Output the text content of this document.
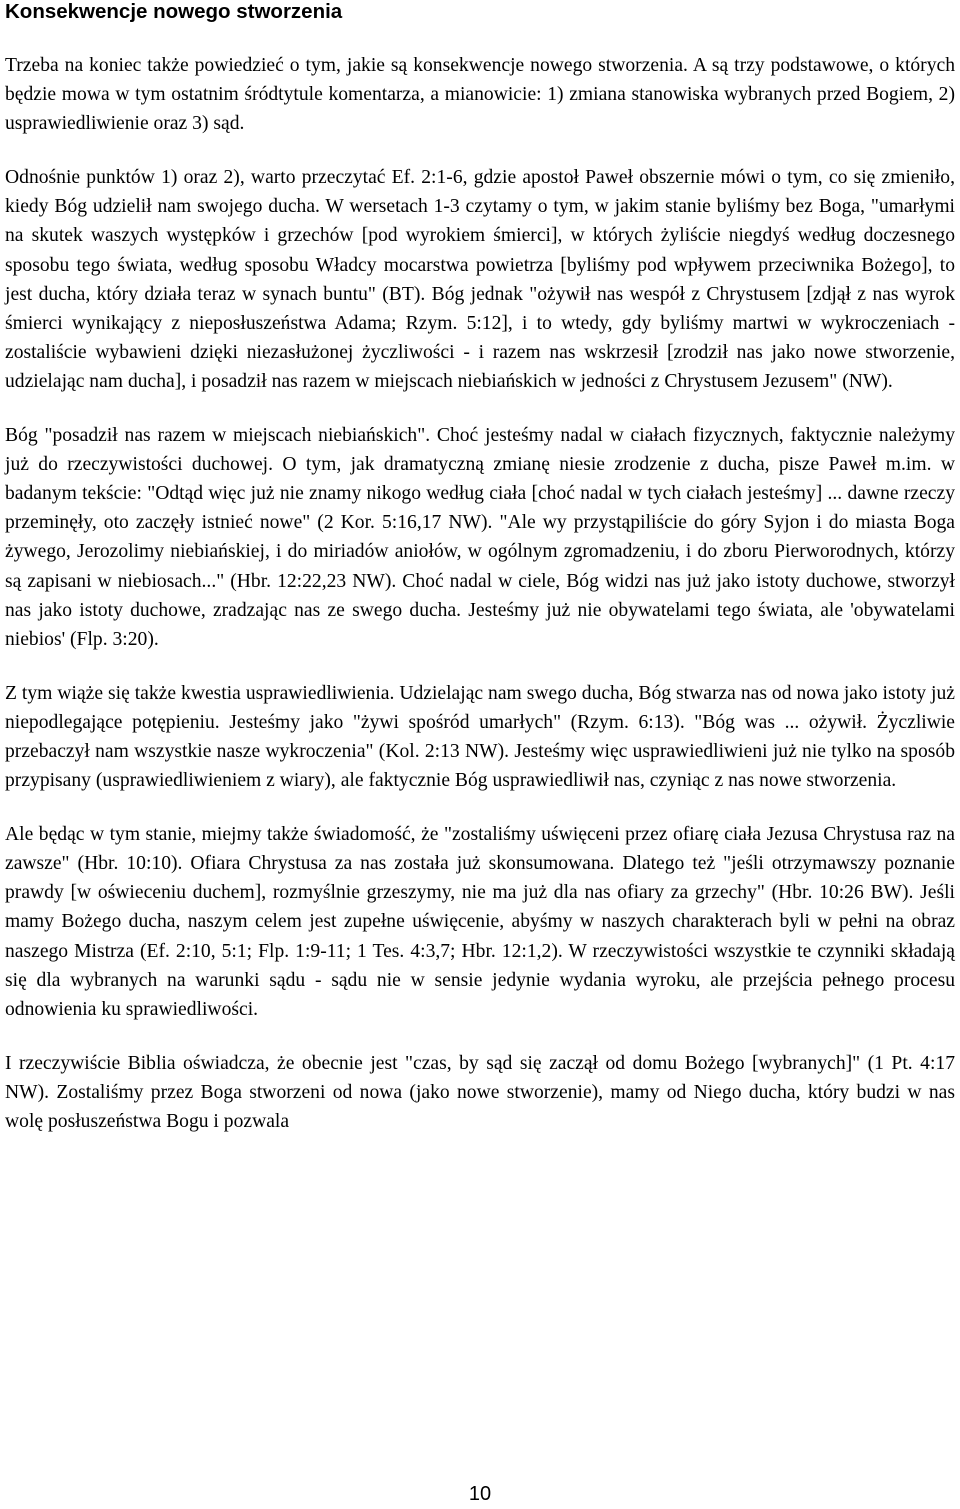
Konsekwencje nowego stworzenia

Trzeba na koniec także powiedzieć o tym, jakie są konsekwencje nowego stworzenia. A są trzy podstawowe, o których będzie mowa w tym ostatnim śródtytule komentarza, a mianowicie: 1) zmiana stanowiska wybranych przed Bogiem, 2) usprawiedliwienie oraz 3) sąd.

Odnośnie punktów 1) oraz 2), warto przeczytać Ef. 2:1-6, gdzie apostoł Paweł obszernie mówi o tym, co się zmieniło, kiedy Bóg udzielił nam swojego ducha. W wersetach 1-3 czytamy o tym, w jakim stanie byliśmy bez Boga, "umarłymi na skutek waszych występków i grzechów [pod wyrokiem śmierci], w których żyliście niegdyś według doczesnego sposobu tego świata, według sposobu Władcy mocarstwa powietrza [byliśmy pod wpływem przeciwnika Bożego], to jest ducha, który działa teraz w synach buntu" (BT). Bóg jednak "ożywił nas wespół z Chrystusem [zdjął z nas wyrok śmierci wynikający z nieposłuszeństwa Adama; Rzym. 5:12], i to wtedy, gdy byliśmy martwi w wykroczeniach - zostaliście wybawieni dzięki niezasłużonej życzliwości - i razem nas wskrzesił [zrodził nas jako nowe stworzenie, udzielając nam ducha], i posadził nas razem w miejscach niebiańskich w jedności z Chrystusem Jezusem" (NW).

Bóg "posadził nas razem w miejscach niebiańskich". Choć jesteśmy nadal w ciałach fizycznych, faktycznie należymy już do rzeczywistości duchowej. O tym, jak dramatyczną zmianę niesie zrodzenie z ducha, pisze Paweł m.im. w badanym tekście: "Odtąd więc już nie znamy nikogo według ciała [choć nadal w tych ciałach jesteśmy] ... dawne rzeczy przeminęły, oto zaczęły istnieć nowe" (2 Kor. 5:16,17 NW). "Ale wy przystąpiliście do góry Syjon i do miasta Boga żywego, Jerozolimy niebiańskiej, i do miriadów aniołów, w ogólnym zgromadzeniu, i do zboru Pierworodnych, którzy są zapisani w niebiosach..." (Hbr. 12:22,23 NW). Choć nadal w ciele, Bóg widzi nas już jako istoty duchowe, stworzył nas jako istoty duchowe, zradzając nas ze swego ducha. Jesteśmy już nie obywatelami tego świata, ale 'obywatelami niebios' (Flp. 3:20).

Z tym wiąże się także kwestia usprawiedliwienia. Udzielając nam swego ducha, Bóg stwarza nas od nowa jako istoty już niepodlegające potępieniu. Jesteśmy jako "żywi spośród umarłych" (Rzym. 6:13). "Bóg was ... ożywił. Życzliwie przebaczył nam wszystkie nasze wykroczenia" (Kol. 2:13 NW). Jesteśmy więc usprawiedliwieni już nie tylko na sposób przypisany (usprawiedliwieniem z wiary), ale faktycznie Bóg usprawiedliwił nas, czyniąc z nas nowe stworzenia.

Ale będąc w tym stanie, miejmy także świadomość, że "zostaliśmy uświęceni przez ofiarę ciała Jezusa Chrystusa raz na zawsze" (Hbr. 10:10). Ofiara Chrystusa za nas została już skonsumowana. Dlatego też "jeśli otrzymawszy poznanie prawdy [w oświeceniu duchem], rozmyślnie grzeszymy, nie ma już dla nas ofiary za grzechy" (Hbr. 10:26 BW). Jeśli mamy Bożego ducha, naszym celem jest zupełne uświęcenie, abyśmy w naszych charakterach byli w pełni na obraz naszego Mistrza (Ef. 2:10, 5:1; Flp. 1:9-11; 1 Tes. 4:3,7; Hbr. 12:1,2). W rzeczywistości wszystkie te czynniki składają się dla wybranych na warunki sądu - sądu nie w sensie jedynie wydania wyroku, ale przejścia pełnego procesu odnowienia ku sprawiedliwości.

I rzeczywiście Biblia oświadcza, że obecnie jest "czas, by sąd się zaczął od domu Bożego [wybranych]" (1 Pt. 4:17 NW). Zostaliśmy przez Boga stworzeni od nowa (jako nowe stworzenie), mamy od Niego ducha, który budzi w nas wolę posłuszeństwa Bogu i pozwala

10
